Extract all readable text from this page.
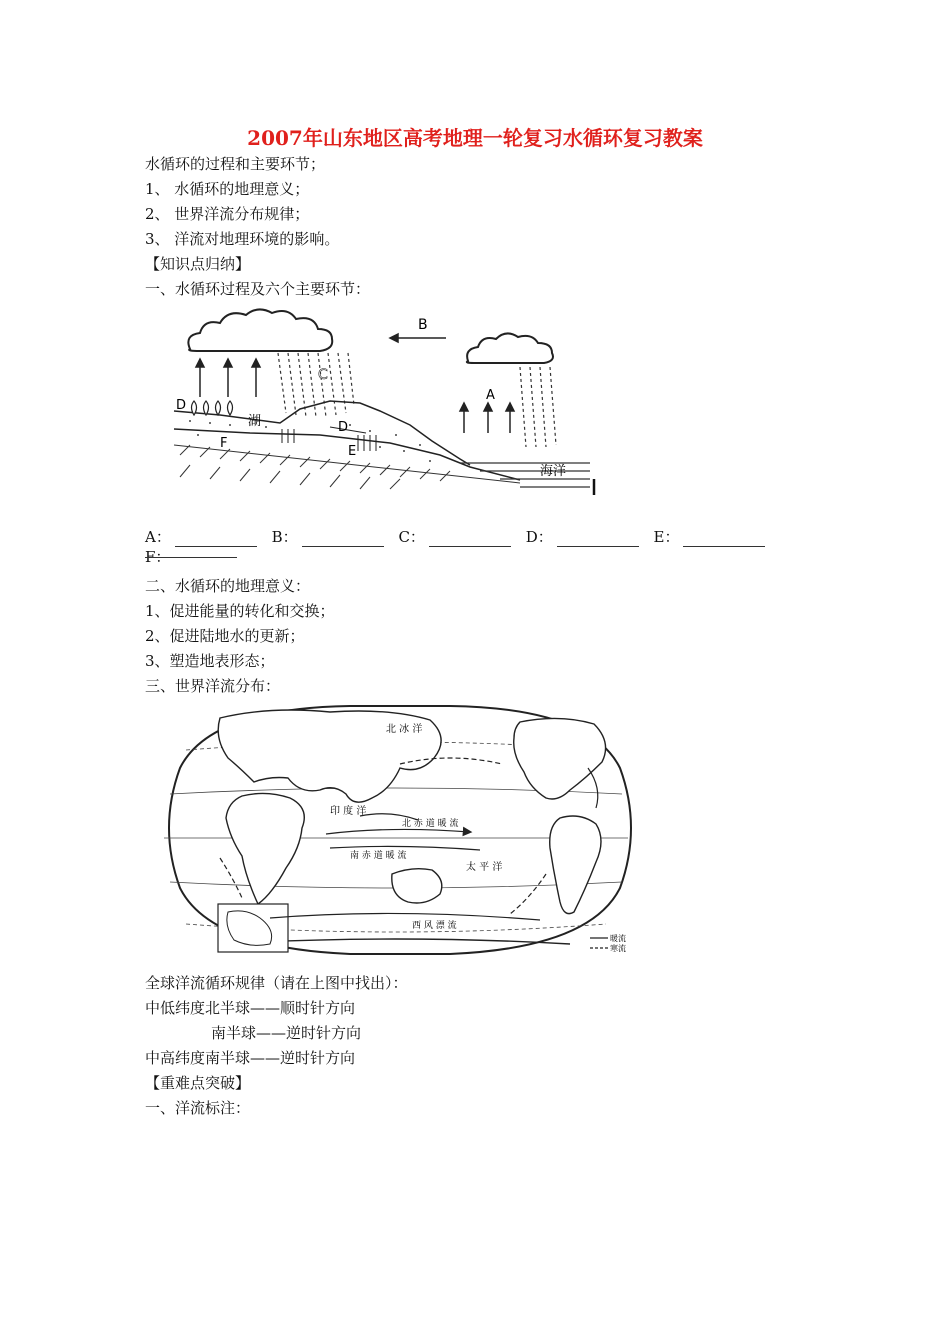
2007年山东地区高考地理一轮复习水循环复习教案
水循环的过程和主要环节；
1、 水循环的地理意义；
2、 世界洋流分布规律；
3、 洋流对地理环境的影响。
【知识点归纳】
一、水循环过程及六个主要环节：
B
C
A
D
湖	D
F
E
海洋
A：	B：	C：	D：	E： F：
二、水循环的地理意义：
1、促进能量的转化和交换；
2、促进陆地水的更新；
3、塑造地表形态；
三、世界洋流分布：
北 冰 洋
印 度 洋
太 平 洋
北 赤 道 暖 流
南 赤 道 暖 流
西 风 漂 流
暖流
寒流
全球洋流循环规律（请在上图中找出）：
中低纬度北半球——顺时针方向
南半球——逆时针方向
中高纬度南半球——逆时针方向
【重难点突破】
一、洋流标注：
